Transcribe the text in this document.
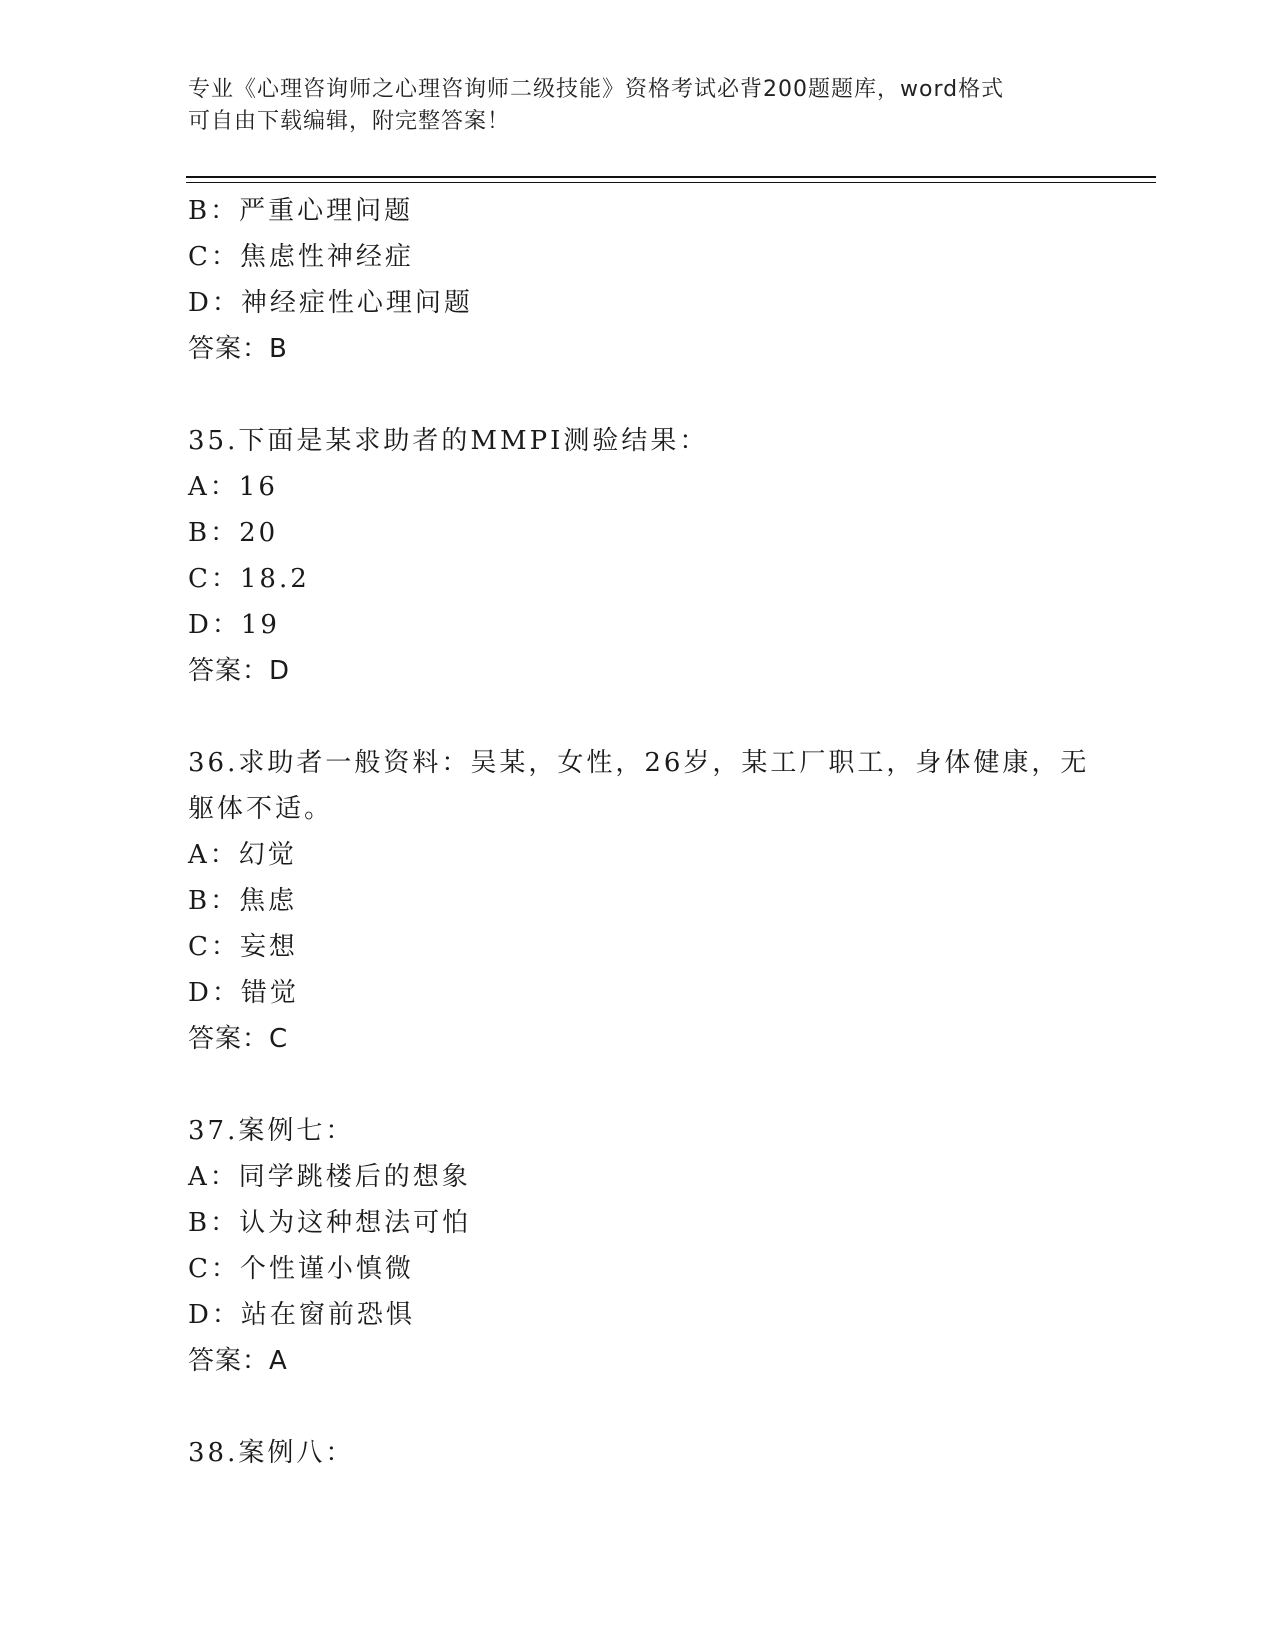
专业《心理咨询师之心理咨询师二级技能》资格考试必背200题题库，word格式

可自由下载编辑，附完整答案！

B：严重心理问题
C：焦虑性神经症
D：神经症性心理问题
答案：B
35.下面是某求助者的MMPI测验结果：
A：16
B：20
C：18.2
D：19
答案：D
36.求助者一般资料：吴某，女性，26岁，某工厂职工，身体健康，无
躯体不适。
A：幻觉
B：焦虑
C：妄想
D：错觉
答案：C
37.案例七：
A：同学跳楼后的想象
B：认为这种想法可怕
C：个性谨小慎微
D：站在窗前恐惧
答案：A
38.案例八：
